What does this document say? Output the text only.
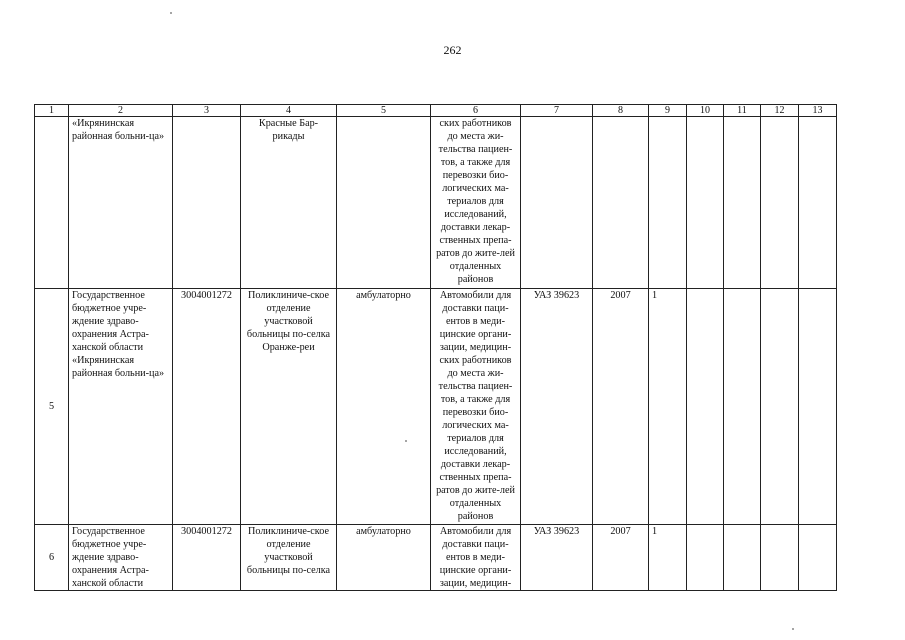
262
1	2	3	4	5	6	7	8	9	10	11	12	13
	«Икрянинская районная больни-ца»		Красные Бар-рикады		ских работников до места жи-тельства пациен-тов, а также для перевозки био-логических ма-териалов для исследований, доставки лекар-ственных препа-ратов до жите-лей отдаленных районов							
5	Государственное бюджетное учре-ждение здраво-охранения Астра-ханской области «Икрянинская районная больни-ца»	3004001272	Поликлиниче-ское отделение участковой больницы по-селка Оранже-реи	амбулаторно	Автомобили для доставки паци-ентов в меди-цинские органи-зации, медицин-ских работников до места жи-тельства пациен-тов, а также для перевозки био-логических ма-териалов для исследований, доставки лекар-ственных препа-ратов до жите-лей отдаленных районов	УАЗ 39623	2007	1				
6	Государственное бюджетное учре-ждение здраво-охранения Астра-ханской области	3004001272	Поликлиниче-ское отделение участковой больницы по-селка	амбулаторно	Автомобили для доставки паци-ентов в меди-цинские органи-зации, медицин-	УАЗ 39623	2007	1				
